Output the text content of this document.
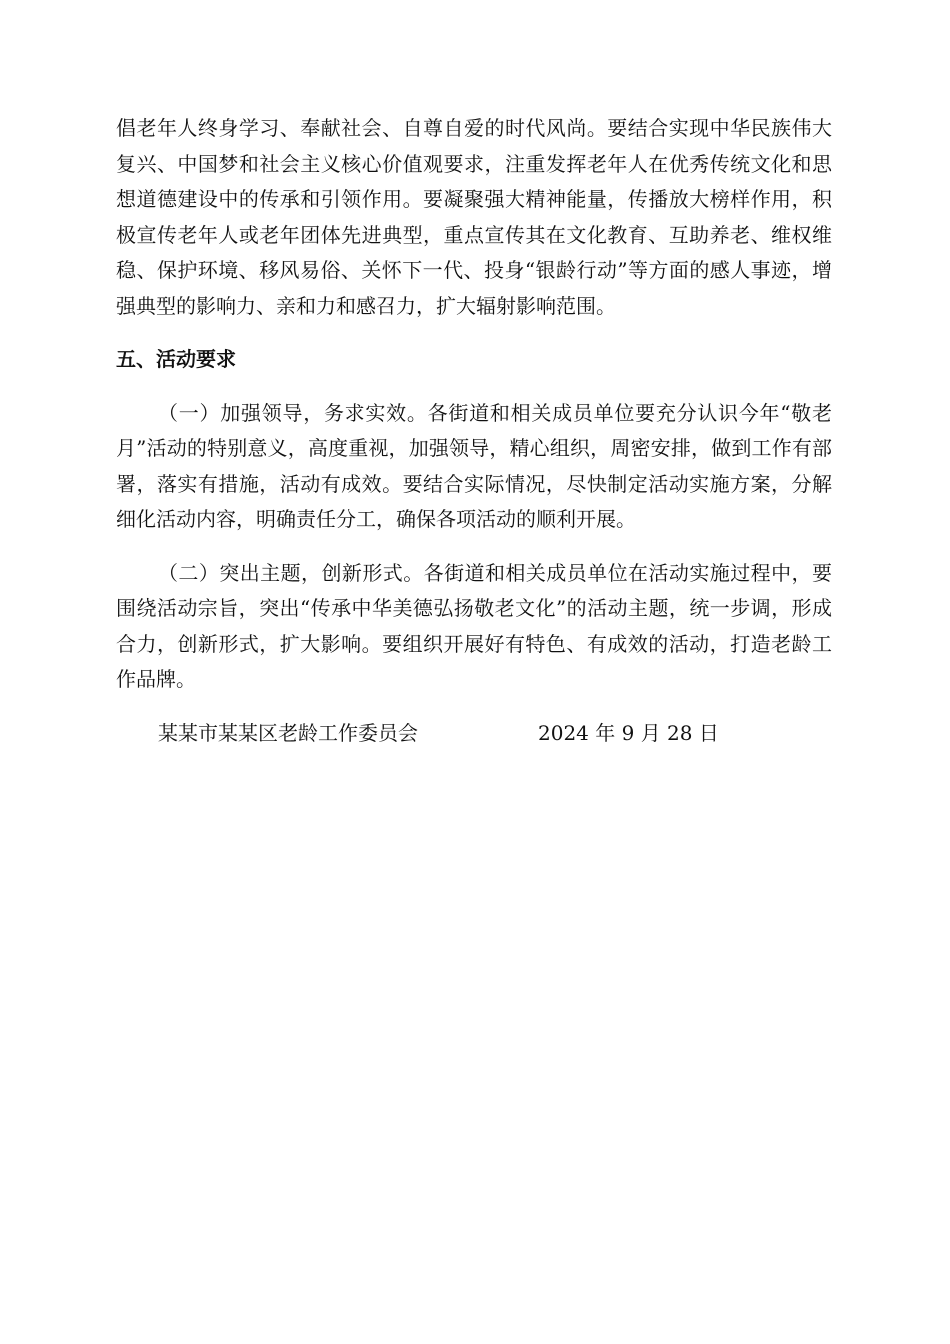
倡老年人终身学习、奉献社会、自尊自爱的时代风尚。要结合实现中华民族伟大复兴、中国梦和社会主义核心价值观要求，注重发挥老年人在优秀传统文化和思想道德建设中的传承和引领作用。要凝聚强大精神能量，传播放大榜样作用，积极宣传老年人或老年团体先进典型，重点宣传其在文化教育、互助养老、维权维稳、保护环境、移风易俗、关怀下一代、投身“银龄行动”等方面的感人事迹，增强典型的影响力、亲和力和感召力，扩大辐射影响范围。

五、活动要求

（一）加强领导，务求实效。各街道和相关成员单位要充分认识今年“敬老月”活动的特别意义，高度重视，加强领导，精心组织，周密安排，做到工作有部署，落实有措施，活动有成效。要结合实际情况，尽快制定活动实施方案，分解细化活动内容，明确责任分工，确保各项活动的顺利开展。

（二）突出主题，创新形式。各街道和相关成员单位在活动实施过程中，要围绕活动宗旨，突出“传承中华美德弘扬敬老文化”的活动主题，统一步调，形成合力，创新形式，扩大影响。要组织开展好有特色、有成效的活动，打造老龄工作品牌。

某某市某某区老龄工作委员会	2024 年 9 月 28 日
